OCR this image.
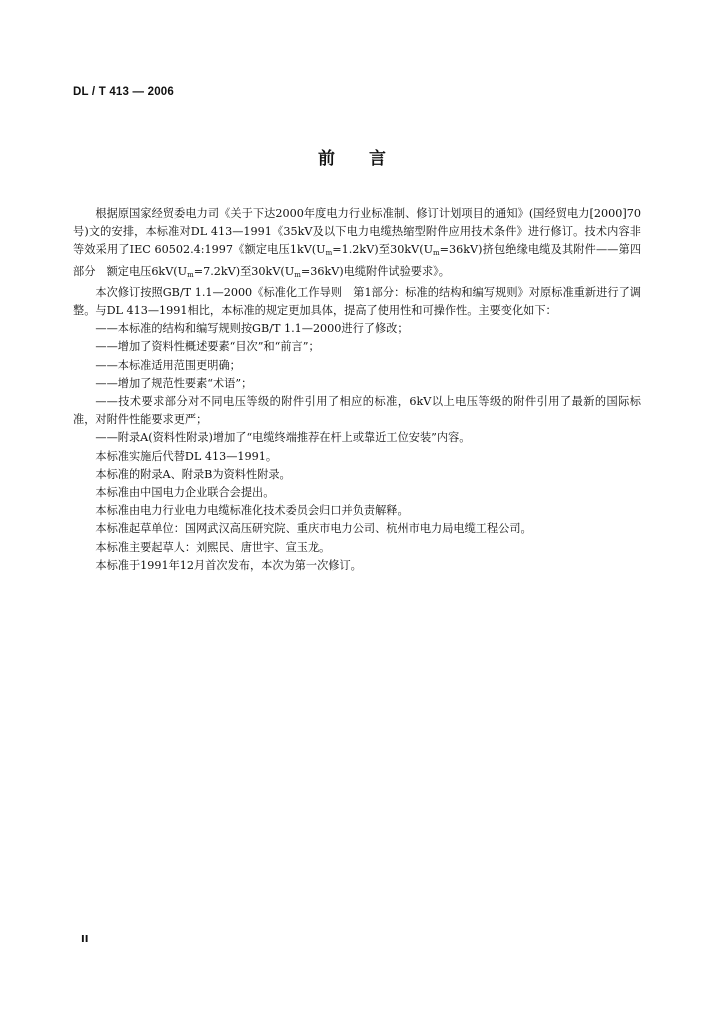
DL / T 413 — 2006
前 言

根据原国家经贸委电力司《关于下达2000年度电力行业标准制、修订计划项目的通知》(国经贸电力[2000]70号)文的安排，本标准对DL 413—1991《35kV及以下电力电缆热缩型附件应用技术条件》进行修订。技术内容非等效采用了IEC 60502.4:1997《额定电压$1kV(U_m=1.2kV)$至$30kV(U_m=36kV)$挤包绝缘电缆及其附件——第四部分　额定电压$6kV(U_m=7.2kV)$至$30kV(U_m=36kV)$电缆附件试验要求》。

本次修订按照GB/T 1.1—2000《标准化工作导则　第1部分：标准的结构和编写规则》对原标准重新进行了调整。与DL 413—1991相比，本标准的规定更加具体，提高了使用性和可操作性。主要变化如下：

——本标准的结构和编写规则按GB/T 1.1—2000进行了修改；

——增加了资料性概述要素“目次”和“前言”；

——本标准适用范围更明确；

——增加了规范性要素“术语”；

——技术要求部分对不同电压等级的附件引用了相应的标准，6kV以上电压等级的附件引用了最新的国际标准，对附件性能要求更严；

——附录A(资料性附录)增加了“电缆终端推荐在杆上或靠近工位安装”内容。

本标准实施后代替DL 413—1991。

本标准的附录A、附录B为资料性附录。

本标准由中国电力企业联合会提出。

本标准由电力行业电力电缆标准化技术委员会归口并负责解释。

本标准起草单位：国网武汉高压研究院、重庆市电力公司、杭州市电力局电缆工程公司。

本标准主要起草人：刘熙民、唐世宇、宣玉龙。

本标准于1991年12月首次发布，本次为第一次修订。

II
